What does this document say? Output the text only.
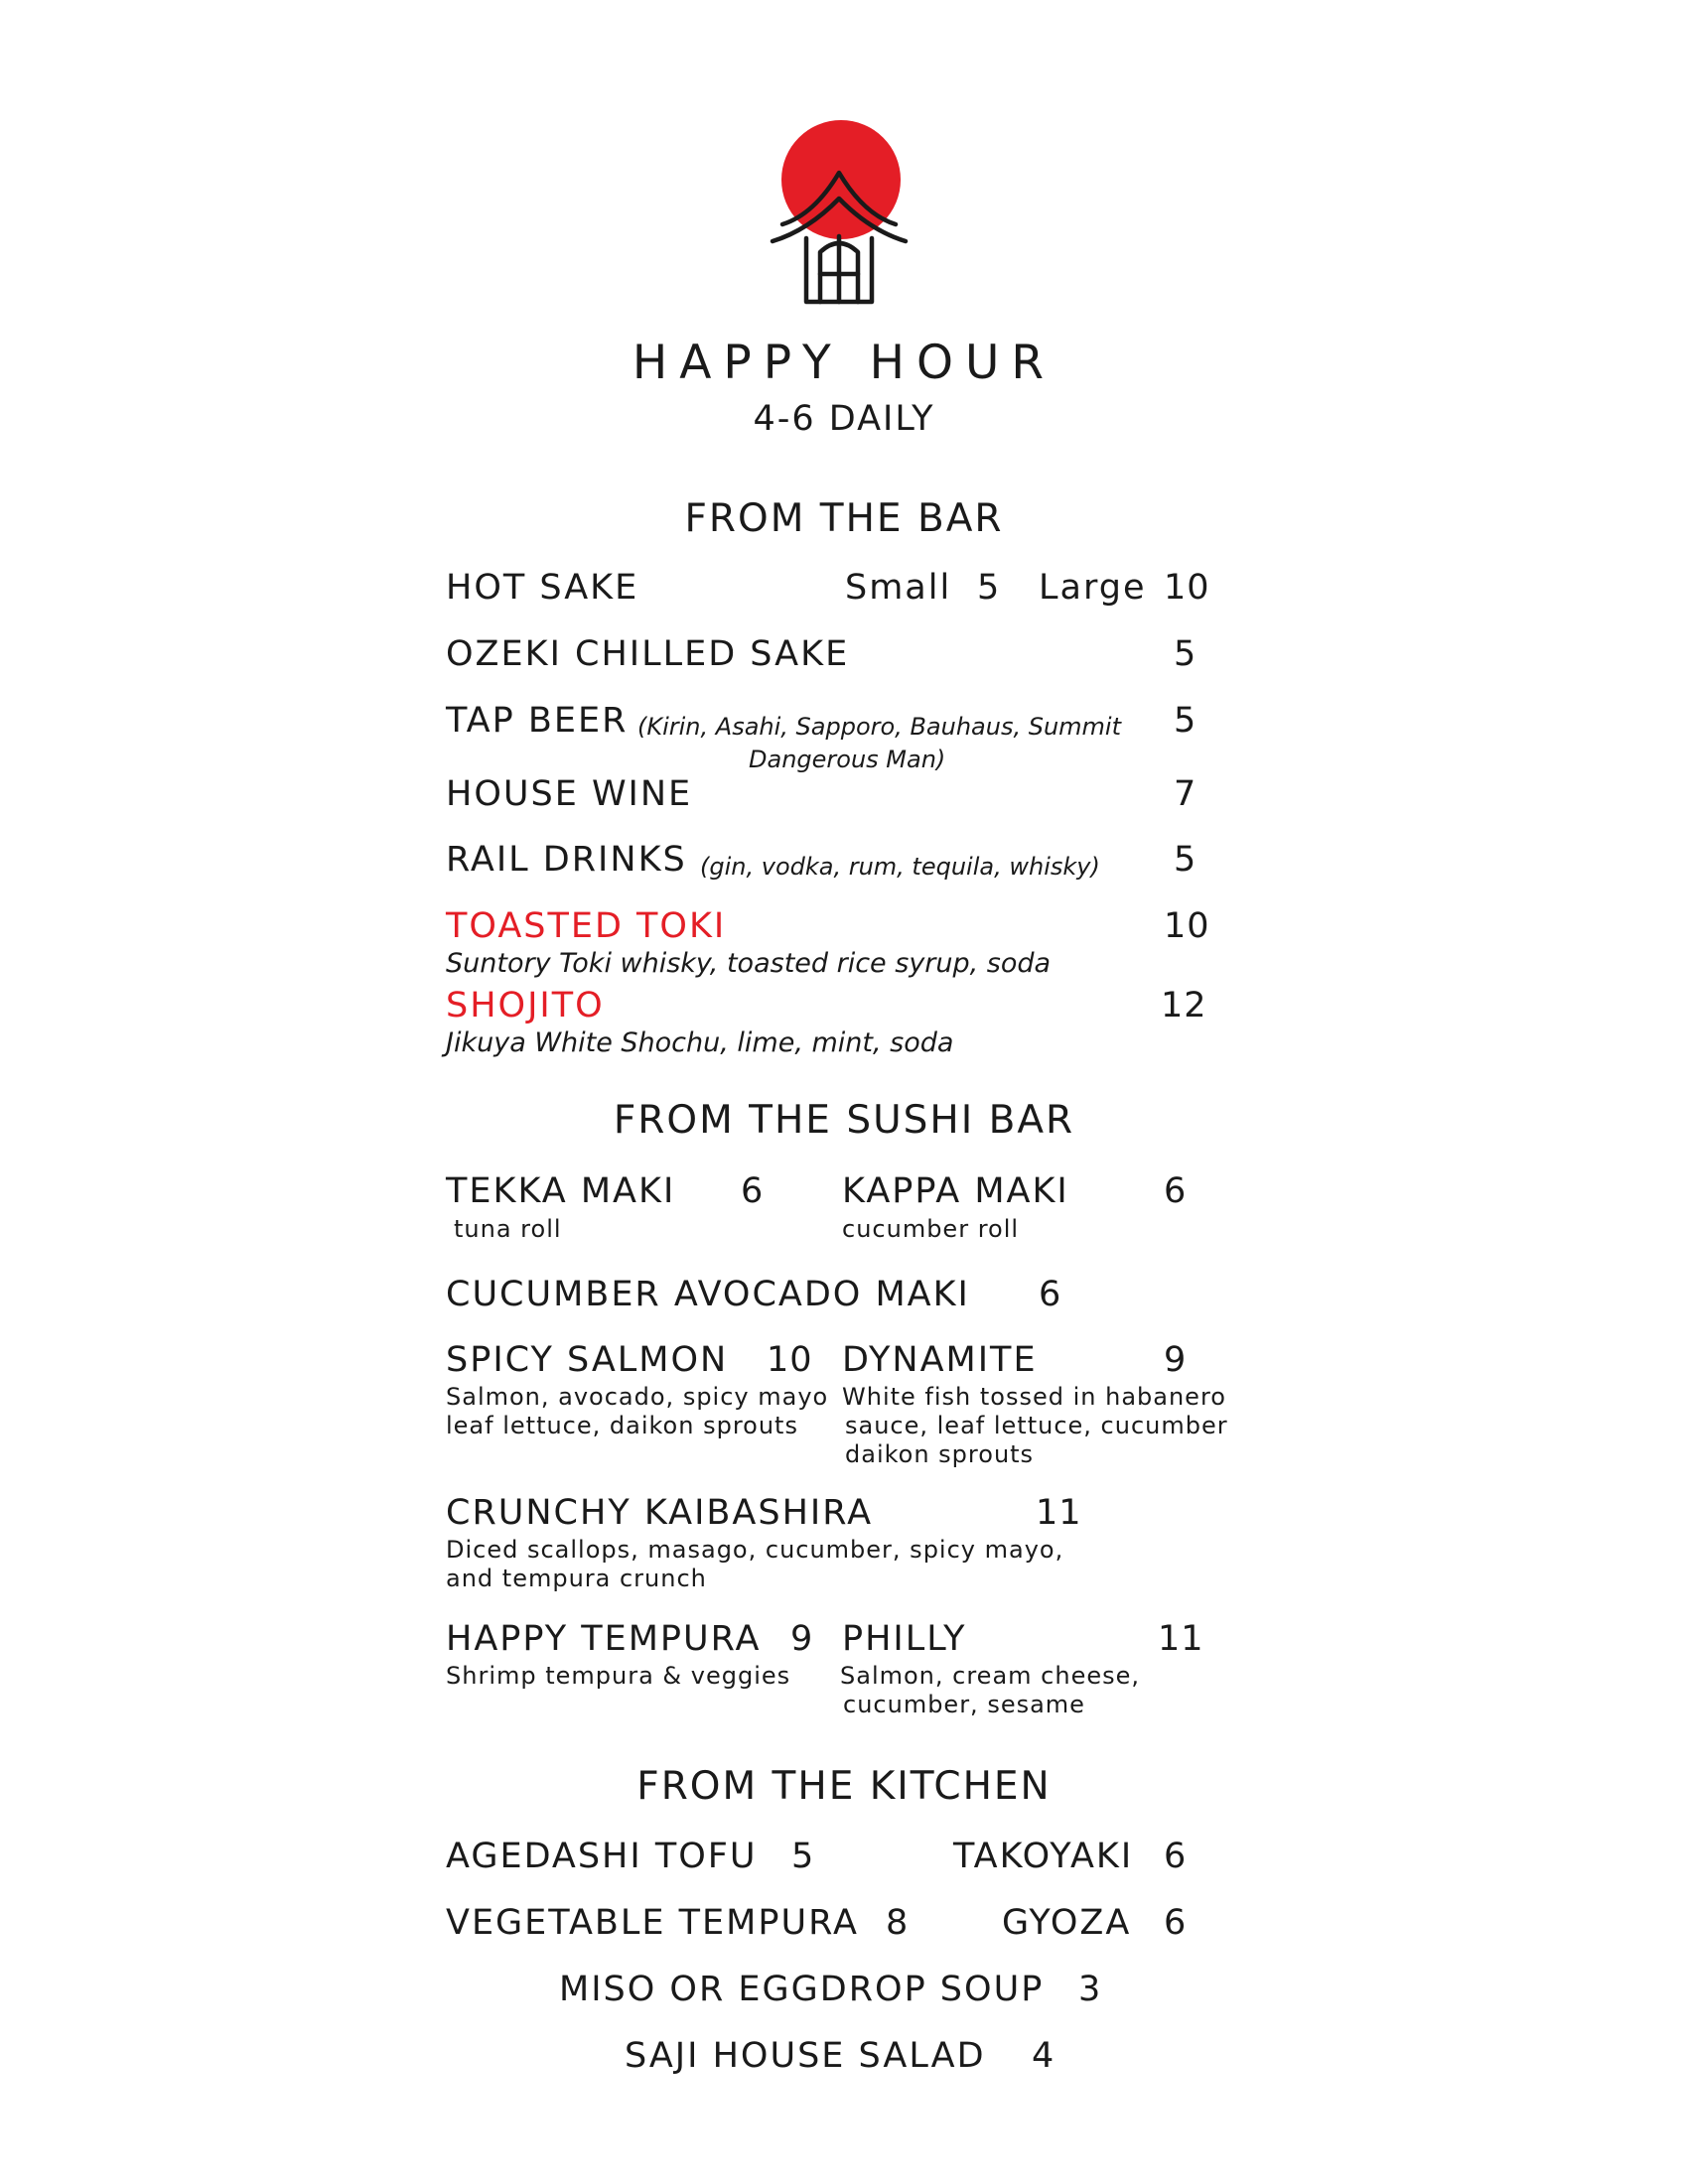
HAPPY HOUR
4-6 DAILY
FROM THE BAR
HOT SAKE	Small 5 Large 10
OZEKI CHILLED SAKE	5
TAP BEER (Kirin, Asahi, Sapporo, Bauhaus, Summit
Dangerous Man)
5
HOUSE WINE	7
RAIL DRINKS (gin, vodka, rum, tequila, whisky) 5
TOASTED TOKI	10
Suntory Toki whisky, toasted rice syrup, soda
SHOJITO	12
Jikuya White Shochu, lime, mint, soda
FROM THE SUSHI BAR
TEKKA MAKI 6
tuna roll
KAPPA MAKI	6
cucumber roll
CUCUMBER AVOCADO MAKI 6
SPICY SALMON 10
Salmon, avocado, spicy mayo
leaf lettuce, daikon sprouts
DYNAMITE	9
White fish tossed in habanero
sauce, leaf lettuce, cucumber
daikon sprouts
CRUNCHY KAIBASHIRA	11
Diced scallops, masago, cucumber, spicy mayo,
and tempura crunch
HAPPY TEMPURA 9
Shrimp tempura & veggies
PHILLY	11
Salmon, cream cheese,
cucumber, sesame
FROM THE KITCHEN
AGEDASHI TOFU 5	TAKOYAKI 6
VEGETABLE TEMPURA 8	GYOZA 6
MISO OR EGGDROP SOUP 3
SAJI HOUSE SALAD 4
